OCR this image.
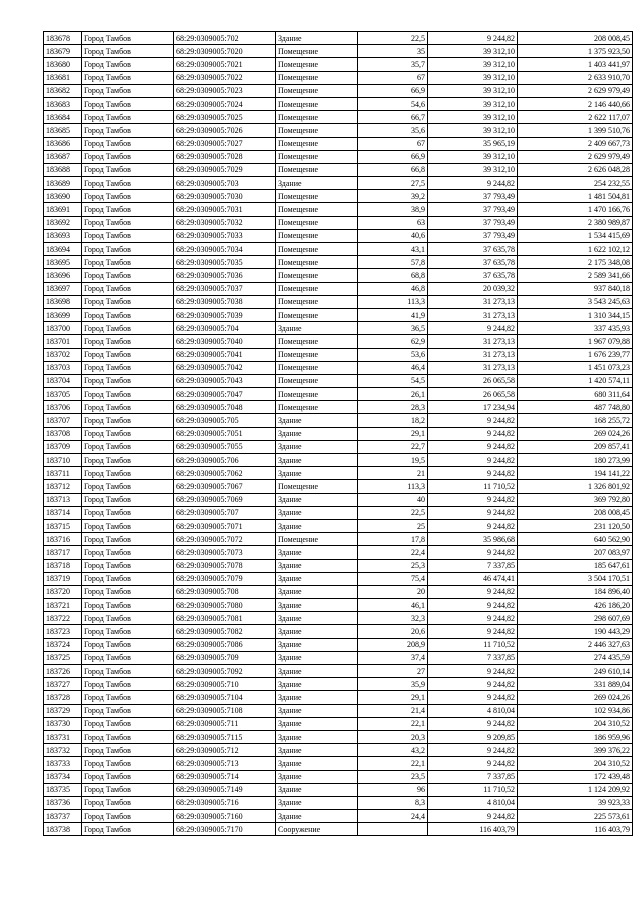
183678	Город Тамбов	68:29:0309005:702	Здание	22,5	9 244,82	208 008,45
183679	Город Тамбов	68:29:0309005:7020	Помещение	35	39 312,10	1 375 923,50
183680	Город Тамбов	68:29:0309005:7021	Помещение	35,7	39 312,10	1 403 441,97
183681	Город Тамбов	68:29:0309005:7022	Помещение	67	39 312,10	2 633 910,70
183682	Город Тамбов	68:29:0309005:7023	Помещение	66,9	39 312,10	2 629 979,49
183683	Город Тамбов	68:29:0309005:7024	Помещение	54,6	39 312,10	2 146 440,66
183684	Город Тамбов	68:29:0309005:7025	Помещение	66,7	39 312,10	2 622 117,07
183685	Город Тамбов	68:29:0309005:7026	Помещение	35,6	39 312,10	1 399 510,76
183686	Город Тамбов	68:29:0309005:7027	Помещение	67	35 965,19	2 409 667,73
183687	Город Тамбов	68:29:0309005:7028	Помещение	66,9	39 312,10	2 629 979,49
183688	Город Тамбов	68:29:0309005:7029	Помещение	66,8	39 312,10	2 626 048,28
183689	Город Тамбов	68:29:0309005:703	Здание	27,5	9 244,82	254 232,55
183690	Город Тамбов	68:29:0309005:7030	Помещение	39,2	37 793,49	1 481 504,81
183691	Город Тамбов	68:29:0309005:7031	Помещение	38,9	37 793,49	1 470 166,76
183692	Город Тамбов	68:29:0309005:7032	Помещение	63	37 793,49	2 380 989,87
183693	Город Тамбов	68:29:0309005:7033	Помещение	40,6	37 793,49	1 534 415,69
183694	Город Тамбов	68:29:0309005:7034	Помещение	43,1	37 635,78	1 622 102,12
183695	Город Тамбов	68:29:0309005:7035	Помещение	57,8	37 635,78	2 175 348,08
183696	Город Тамбов	68:29:0309005:7036	Помещение	68,8	37 635,78	2 589 341,66
183697	Город Тамбов	68:29:0309005:7037	Помещение	46,8	20 039,32	937 840,18
183698	Город Тамбов	68:29:0309005:7038	Помещение	113,3	31 273,13	3 543 245,63
183699	Город Тамбов	68:29:0309005:7039	Помещение	41,9	31 273,13	1 310 344,15
183700	Город Тамбов	68:29:0309005:704	Здание	36,5	9 244,82	337 435,93
183701	Город Тамбов	68:29:0309005:7040	Помещение	62,9	31 273,13	1 967 079,88
183702	Город Тамбов	68:29:0309005:7041	Помещение	53,6	31 273,13	1 676 239,77
183703	Город Тамбов	68:29:0309005:7042	Помещение	46,4	31 273,13	1 451 073,23
183704	Город Тамбов	68:29:0309005:7043	Помещение	54,5	26 065,58	1 420 574,11
183705	Город Тамбов	68:29:0309005:7047	Помещение	26,1	26 065,58	680 311,64
183706	Город Тамбов	68:29:0309005:7048	Помещение	28,3	17 234,94	487 748,80
183707	Город Тамбов	68:29:0309005:705	Здание	18,2	9 244,82	168 255,72
183708	Город Тамбов	68:29:0309005:7051	Здание	29,1	9 244,82	269 024,26
183709	Город Тамбов	68:29:0309005:7055	Здание	22,7	9 244,82	209 857,41
183710	Город Тамбов	68:29:0309005:706	Здание	19,5	9 244,82	180 273,99
183711	Город Тамбов	68:29:0309005:7062	Здание	21	9 244,82	194 141,22
183712	Город Тамбов	68:29:0309005:7067	Помещение	113,3	11 710,52	1 326 801,92
183713	Город Тамбов	68:29:0309005:7069	Здание	40	9 244,82	369 792,80
183714	Город Тамбов	68:29:0309005:707	Здание	22,5	9 244,82	208 008,45
183715	Город Тамбов	68:29:0309005:7071	Здание	25	9 244,82	231 120,50
183716	Город Тамбов	68:29:0309005:7072	Помещение	17,8	35 986,68	640 562,90
183717	Город Тамбов	68:29:0309005:7073	Здание	22,4	9 244,82	207 083,97
183718	Город Тамбов	68:29:0309005:7078	Здание	25,3	7 337,85	185 647,61
183719	Город Тамбов	68:29:0309005:7079	Здание	75,4	46 474,41	3 504 170,51
183720	Город Тамбов	68:29:0309005:708	Здание	20	9 244,82	184 896,40
183721	Город Тамбов	68:29:0309005:7080	Здание	46,1	9 244,82	426 186,20
183722	Город Тамбов	68:29:0309005:7081	Здание	32,3	9 244,82	298 607,69
183723	Город Тамбов	68:29:0309005:7082	Здание	20,6	9 244,82	190 443,29
183724	Город Тамбов	68:29:0309005:7086	Здание	208,9	11 710,52	2 446 327,63
183725	Город Тамбов	68:29:0309005:709	Здание	37,4	7 337,85	274 435,59
183726	Город Тамбов	68:29:0309005:7092	Здание	27	9 244,82	249 610,14
183727	Город Тамбов	68:29:0309005:710	Здание	35,9	9 244,82	331 889,04
183728	Город Тамбов	68:29:0309005:7104	Здание	29,1	9 244,82	269 024,26
183729	Город Тамбов	68:29:0309005:7108	Здание	21,4	4 810,04	102 934,86
183730	Город Тамбов	68:29:0309005:711	Здание	22,1	9 244,82	204 310,52
183731	Город Тамбов	68:29:0309005:7115	Здание	20,3	9 209,85	186 959,96
183732	Город Тамбов	68:29:0309005:712	Здание	43,2	9 244,82	399 376,22
183733	Город Тамбов	68:29:0309005:713	Здание	22,1	9 244,82	204 310,52
183734	Город Тамбов	68:29:0309005:714	Здание	23,5	7 337,85	172 439,48
183735	Город Тамбов	68:29:0309005:7149	Здание	96	11 710,52	1 124 209,92
183736	Город Тамбов	68:29:0309005:716	Здание	8,3	4 810,04	39 923,33
183737	Город Тамбов	68:29:0309005:7160	Здание	24,4	9 244,82	225 573,61
183738	Город Тамбов	68:29:0309005:7170	Сооружение		116 403,79	116 403,79
